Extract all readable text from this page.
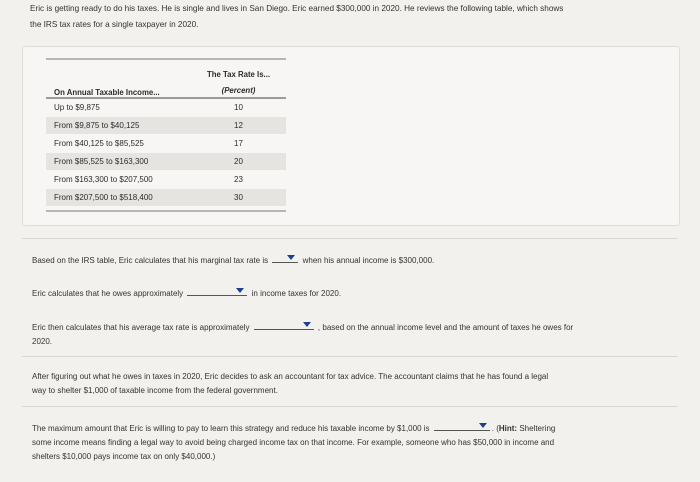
Eric is getting ready to do his taxes. He is single and lives in San Diego. Eric earned $300,000 in 2020. He reviews the following table, which shows
the IRS tax rates for a single taxpayer in 2020.
On Annual Taxable Income...
The Tax Rate Is...
(Percent)
Up to $9,875	10
From $9,875 to $40,125	12
From $40,125 to $85,525	17
From $85,525 to $163,300	20
From $163,300 to $207,500	23
From $207,500 to $518,400	30
Based on the IRS table, Eric calculates that his marginal tax rate is	when his annual income is $300,000.
Eric calculates that he owes approximately	in income taxes for 2020.
Eric then calculates that his average tax rate is approximately	, based on the annual income level and the amount of taxes he owes for
2020.
After figuring out what he owes in taxes in 2020, Eric decides to ask an accountant for tax advice. The accountant claims that he has found a legal
way to shelter $1,000 of taxable income from the federal government.
The maximum amount that Eric is willing to pay to learn this strategy and reduce his taxable income by $1,000 is	. (Hint: Sheltering
some income means finding a legal way to avoid being charged income tax on that income. For example, someone who has $50,000 in income and
shelters $10,000 pays income tax on only $40,000.)
